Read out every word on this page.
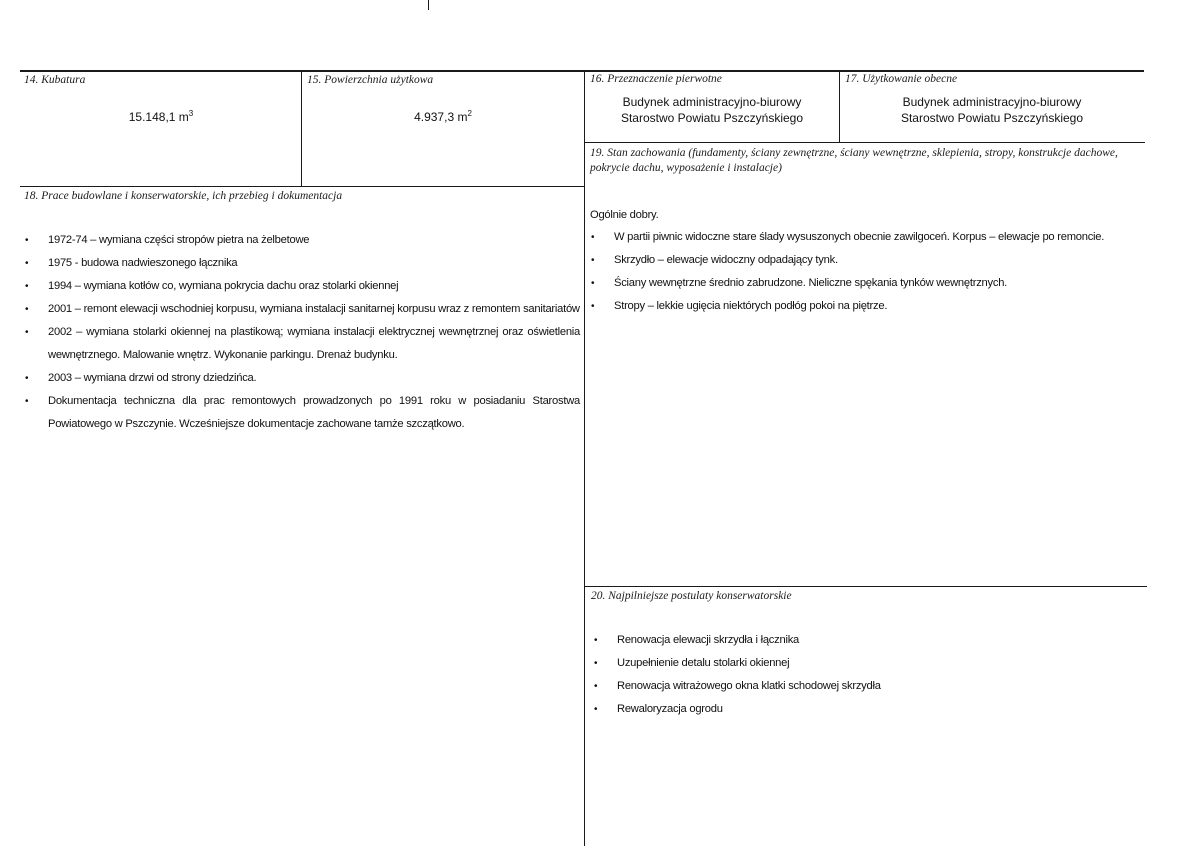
14. Kubatura
15.148,1 $m^3$
15. Powierzchnia użytkowa
4.937,3 $m^2$
16. Przeznaczenie pierwotne
Budynek administracyjno-biurowy
Starostwo Powiatu Pszczyńskiego
17. Użytkowanie obecne
Budynek administracyjno-biurowy
Starostwo Powiatu Pszczyńskiego
18. Prace budowlane i konserwatorskie, ich przebieg i dokumentacja
• 1972-74 – wymiana części stropów pietra na żelbetowe
• 1975 - budowa nadwieszonego łącznika
• 1994 – wymiana kotłów co, wymiana pokrycia dachu oraz stolarki okiennej
• 2001 – remont elewacji wschodniej korpusu, wymiana instalacji sanitarnej korpusu wraz z remontem sanitariatów
• 2002 – wymiana stolarki okiennej na plastikową; wymiana instalacji elektrycznej wewnętrznej oraz oświetlenia wewnętrznego. Malowanie wnętrz. Wykonanie parkingu. Drenaż budynku.
• 2003 – wymiana drzwi od strony dziedzińca.
• Dokumentacja techniczna dla prac remontowych prowadzonych po 1991 roku w posiadaniu Starostwa Powiatowego w Pszczynie. Wcześniejsze dokumentacje zachowane tamże szczątkowo.
19. Stan zachowania (fundamenty, ściany zewnętrzne, ściany wewnętrzne, sklepienia, stropy, konstrukcje dachowe, pokrycie dachu, wyposażenie i instalacje)
Ogólnie dobry.
• W partii piwnic widoczne stare ślady wysuszonych obecnie zawilgoceń. Korpus – elewacje po remoncie.
• Skrzydło – elewacje widoczny odpadający tynk.
• Ściany wewnętrzne średnio zabrudzone. Nieliczne spękania tynków wewnętrznych.
• Stropy – lekkie ugięcia niektórych podłóg pokoi na piętrze.
20. Najpilniejsze postulaty konserwatorskie
• Renowacja elewacji skrzydła i łącznika
• Uzupełnienie detalu stolarki okiennej
• Renowacja witrażowego okna klatki schodowej skrzydła
• Rewaloryzacja ogrodu
